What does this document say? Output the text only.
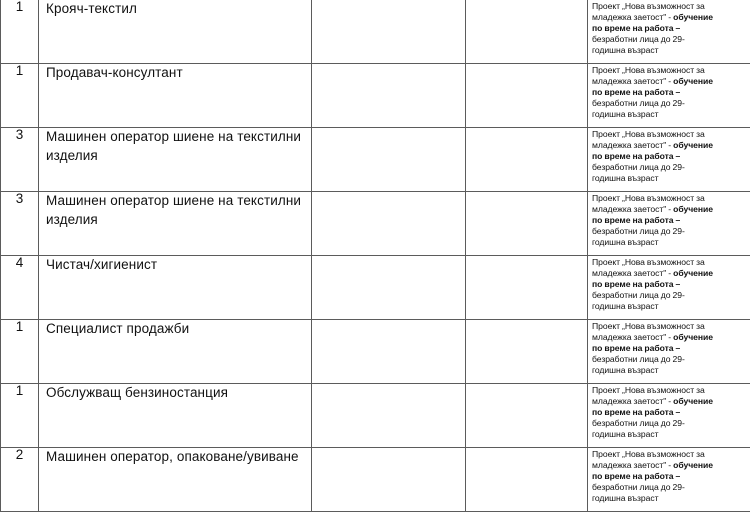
1	Крояч-текстил			Проект „Нова възможност за
младежка заетост" - обучение
по време на работа –
безработни лица до 29-
годишна възраст

1	Продавач-консултант			Проект „Нова възможност за
младежка заетост" - обучение
по време на работа –
безработни лица до 29-
годишна възраст

3	Машинен оператор шиене на текстилни изделия			Проект „Нова възможност за
младежка заетост" - обучение
по време на работа –
безработни лица до 29-
годишна възраст

3	Машинен оператор шиене на текстилни изделия			Проект „Нова възможност за
младежка заетост" - обучение
по време на работа –
безработни лица до 29-
годишна възраст

4	Чистач/хигиенист			Проект „Нова възможност за
младежка заетост" - обучение
по време на работа –
безработни лица до 29-
годишна възраст

1	Специалист продажби			Проект „Нова възможност за
младежка заетост" - обучение
по време на работа –
безработни лица до 29-
годишна възраст

1	Обслужващ бензиностанция			Проект „Нова възможност за
младежка заетост" - обучение
по време на работа –
безработни лица до 29-
годишна възраст

2	Машинен оператор, опаковане/увиване			Проект „Нова възможност за
младежка заетост" - обучение
по време на работа –
безработни лица до 29-
годишна възраст
